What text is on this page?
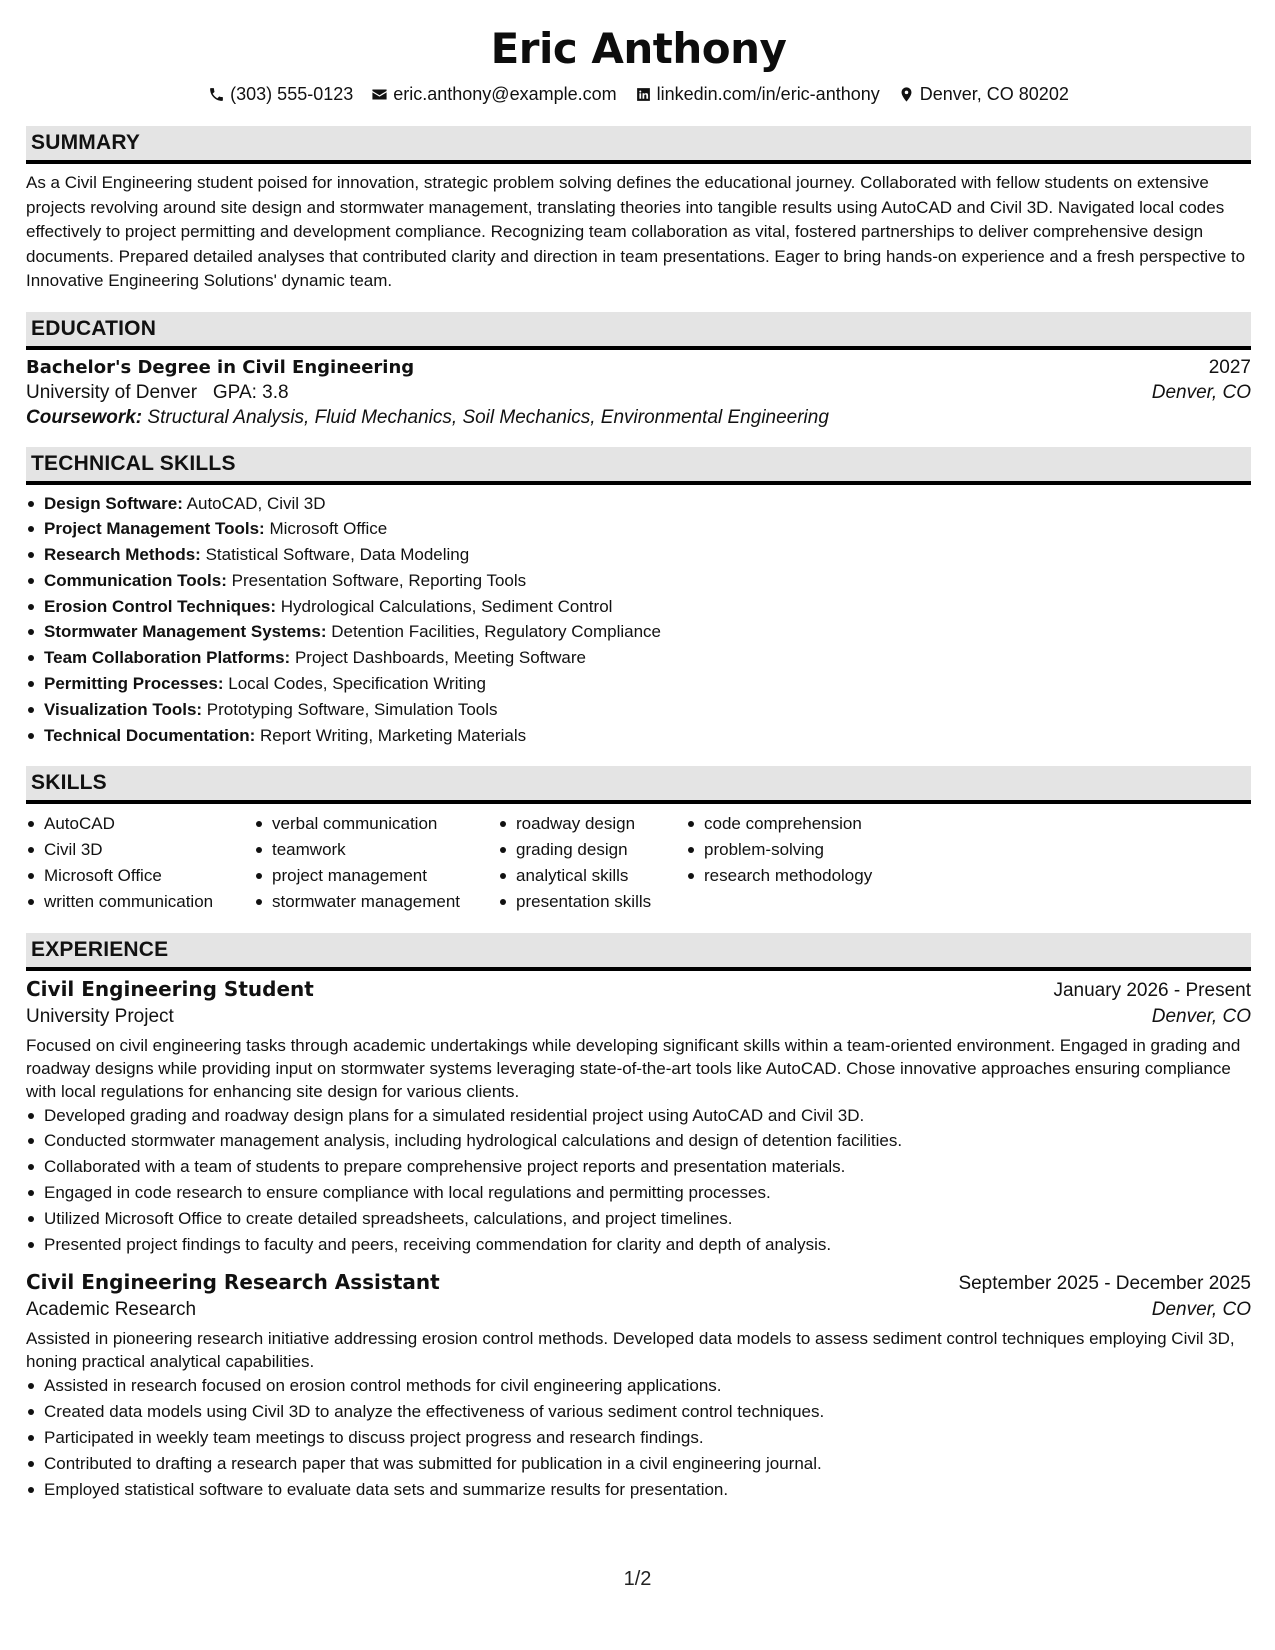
Eric Anthony
(303) 555-0123 eric.anthony@example.com linkedin.com/in/eric-anthony Denver, CO 80202
SUMMARY

As a Civil Engineering student poised for innovation, strategic problem solving defines the educational journey. Collaborated with fellow students on extensive projects revolving around site design and stormwater management, translating theories into tangible results using AutoCAD and Civil 3D. Navigated local codes effectively to project permitting and development compliance. Recognizing team collaboration as vital, fostered partnerships to deliver comprehensive design documents. Prepared detailed analyses that contributed clarity and direction in team presentations. Eager to bring hands-on experience and a fresh perspective to Innovative Engineering Solutions' dynamic team.

EDUCATION
Bachelor's Degree in Civil Engineering	2027
University of Denver GPA: 3.8	Denver, CO
Coursework: Structural Analysis, Fluid Mechanics, Soil Mechanics, Environmental Engineering
TECHNICAL SKILLS
Design Software: AutoCAD, Civil 3D
Project Management Tools: Microsoft Office
Research Methods: Statistical Software, Data Modeling
Communication Tools: Presentation Software, Reporting Tools
Erosion Control Techniques: Hydrological Calculations, Sediment Control
Stormwater Management Systems: Detention Facilities, Regulatory Compliance
Team Collaboration Platforms: Project Dashboards, Meeting Software
Permitting Processes: Local Codes, Specification Writing
Visualization Tools: Prototyping Software, Simulation Tools
Technical Documentation: Report Writing, Marketing Materials
SKILLS
AutoCAD
Civil 3D
Microsoft Office
written communication
verbal communication
teamwork
project management
stormwater management
roadway design
grading design
analytical skills
presentation skills
code comprehension
problem-solving
research methodology
EXPERIENCE
Civil Engineering Student	January 2026 - Present
University Project	Denver, CO

Focused on civil engineering tasks through academic undertakings while developing significant skills within a team-oriented environment. Engaged in grading and roadway designs while providing input on stormwater systems leveraging state-of-the-art tools like AutoCAD. Chose innovative approaches ensuring compliance with local regulations for enhancing site design for various clients.

Developed grading and roadway design plans for a simulated residential project using AutoCAD and Civil 3D.
Conducted stormwater management analysis, including hydrological calculations and design of detention facilities.
Collaborated with a team of students to prepare comprehensive project reports and presentation materials.
Engaged in code research to ensure compliance with local regulations and permitting processes.
Utilized Microsoft Office to create detailed spreadsheets, calculations, and project timelines.
Presented project findings to faculty and peers, receiving commendation for clarity and depth of analysis.
Civil Engineering Research Assistant	September 2025 - December 2025
Academic Research	Denver, CO

Assisted in pioneering research initiative addressing erosion control methods. Developed data models to assess sediment control techniques employing Civil 3D, honing practical analytical capabilities.

Assisted in research focused on erosion control methods for civil engineering applications.
Created data models using Civil 3D to analyze the effectiveness of various sediment control techniques.
Participated in weekly team meetings to discuss project progress and research findings.
Contributed to drafting a research paper that was submitted for publication in a civil engineering journal.
Employed statistical software to evaluate data sets and summarize results for presentation.
1/2
